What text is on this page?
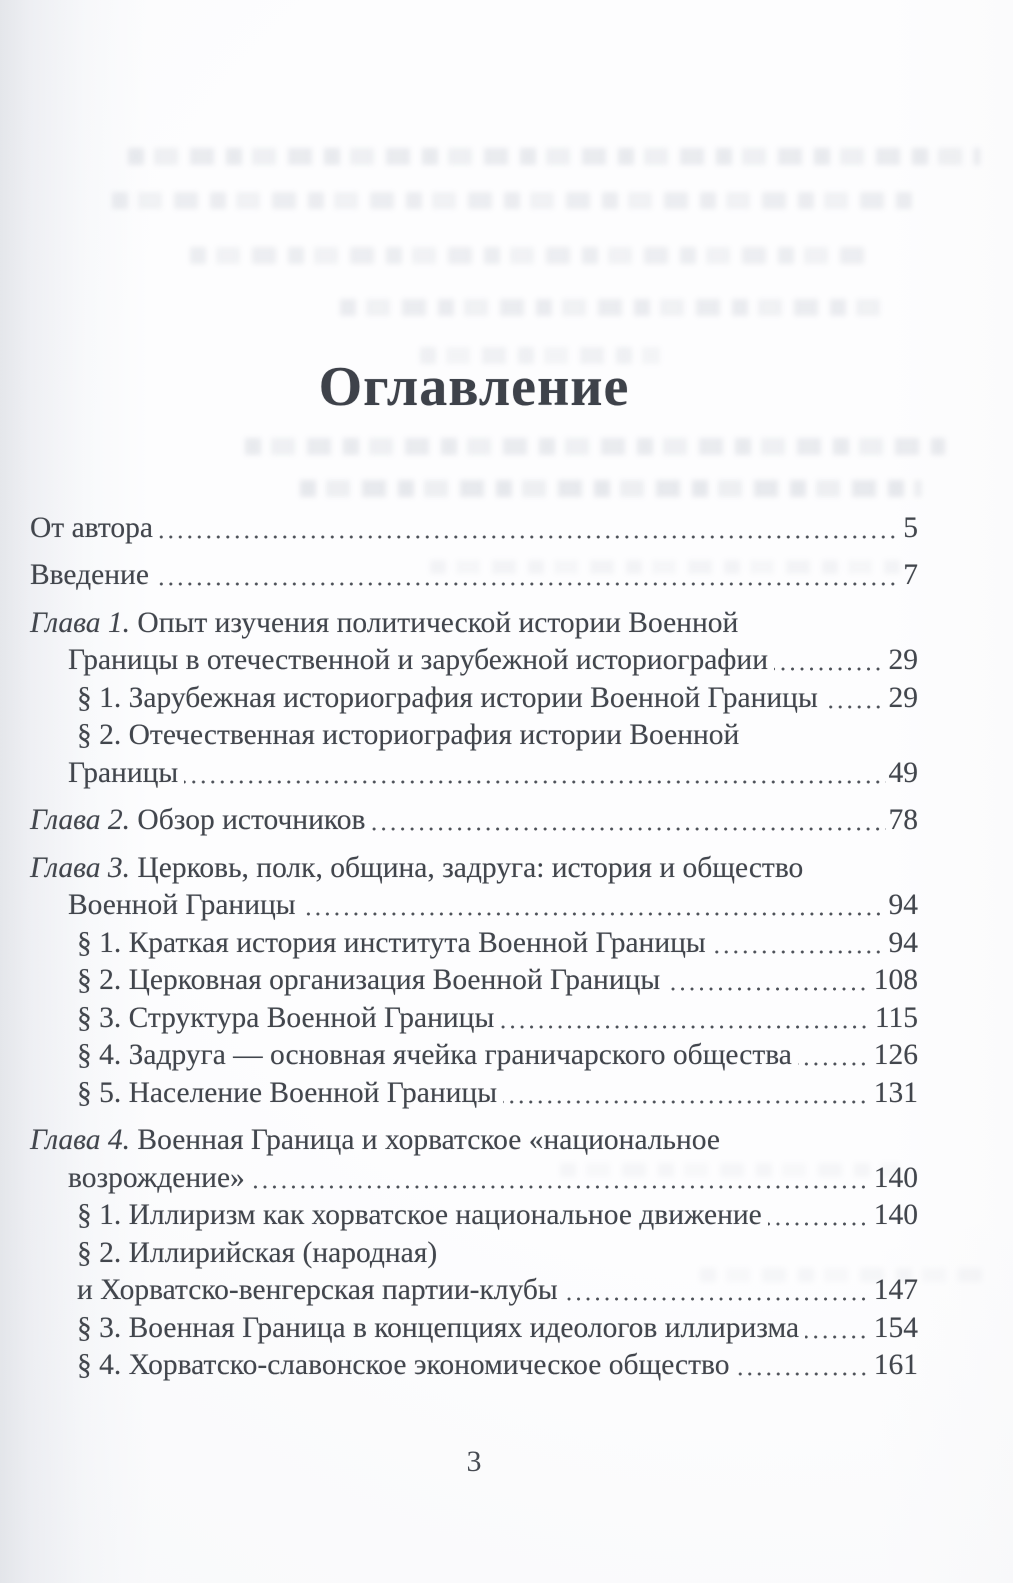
Оглавление
От автора	5
Введение	7
Глава 1. Опыт изучения политической истории Военной
Границы в отечественной и зарубежной историографии	29
§ 1. Зарубежная историография истории Военной Границы 29
§ 2. Отечественная историография истории Военной
Границы	49
Глава 2. Обзор источников	78
Глава 3. Церковь, полк, община, задруга: история и общество
Военной Границы	94
§ 1. Краткая история института Военной Границы	94
§ 2. Церковная организация Военной Границы	108
§ 3. Структура Военной Границы	115
§ 4. Задруга — основная ячейка граничарского общества	126
§ 5. Население Военной Границы	131
Глава 4. Военная Граница и хорватское «национальное
возрождение»	140
§ 1. Иллиризм как хорватское национальное движение	140
§ 2. Иллирийская (народная)
и Хорватско-венгерская партии-клубы	147
§ 3. Военная Граница в концепциях идеологов иллиризма	154
§ 4. Хорватско-славонское экономическое общество	161
3
